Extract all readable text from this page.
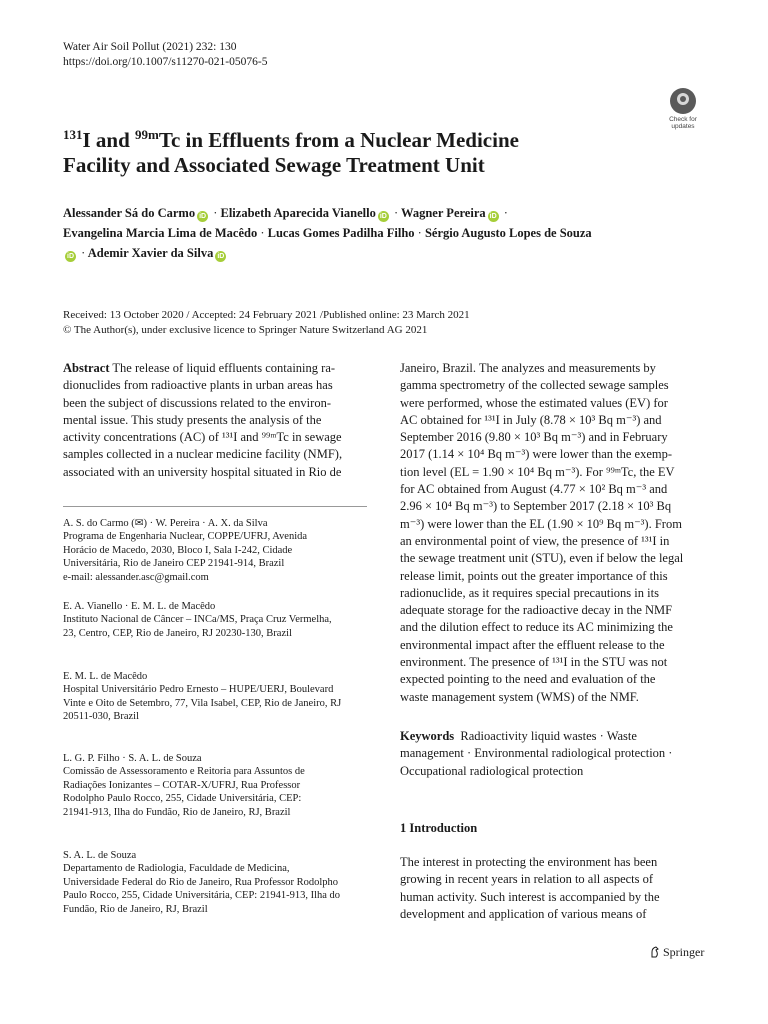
Water Air Soil Pollut (2021) 232: 130
https://doi.org/10.1007/s11270-021-05076-5
Check for
updates
$^{131}$I and $^{99m}$Tc in Effluents from a Nuclear Medicine
Facility and Associated Sewage Treatment Unit
Alessander Sá do Carmo iD · Elizabeth Aparecida Vianello iD · Wagner Pereira iD ·
Evangelina Marcia Lima de Macêdo · Lucas Gomes Padilha Filho · Sérgio Augusto Lopes de SouzaiD · Ademir Xavier da Silva iD
Received: 13 October 2020 / Accepted: 24 February 2021 /Published online: 23 March 2021
© The Author(s), under exclusive licence to Springer Nature Switzerland AG 2021
Abstract The release of liquid effluents containing ra-
dionuclides from radioactive plants in urban areas has
been the subject of discussions related to the environ-
mental issue. This study presents the analysis of the
activity concentrations (AC) of ¹³¹I and ⁹⁹ᵐTc in sewage
samples collected in a nuclear medicine facility (NMF),
associated with an university hospital situated in Rio de
A. S. do Carmo (✉) · W. Pereira · A. X. da Silva
Programa de Engenharia Nuclear, COPPE/UFRJ, Avenida
Horácio de Macedo, 2030, Bloco I, Sala I-242, Cidade
Universitária, Rio de Janeiro CEP 21941-914, Brazil
e-mail: alessander.asc@gmail.com
E. A. Vianello · E. M. L. de Macêdo
Instituto Nacional de Câncer – INCa/MS, Praça Cruz Vermelha,
23, Centro, CEP, Rio de Janeiro, RJ 20230-130, Brazil
E. M. L. de Macêdo
Hospital Universitário Pedro Ernesto – HUPE/UERJ, Boulevard
Vinte e Oito de Setembro, 77, Vila Isabel, CEP, Rio de Janeiro, RJ
20511-030, Brazil
L. G. P. Filho · S. A. L. de Souza
Comissão de Assessoramento e Reitoria para Assuntos de
Radiações Ionizantes – COTAR-X/UFRJ, Rua Professor
Rodolpho Paulo Rocco, 255, Cidade Universitária, CEP:
21941-913, Ilha do Fundão, Rio de Janeiro, RJ, Brazil
S. A. L. de Souza
Departamento de Radiologia, Faculdade de Medicina,
Universidade Federal do Rio de Janeiro, Rua Professor Rodolpho
Paulo Rocco, 255, Cidade Universitária, CEP: 21941-913, Ilha do
Fundão, Rio de Janeiro, RJ, Brazil
Janeiro, Brazil. The analyzes and measurements by
gamma spectrometry of the collected sewage samples
were performed, whose the estimated values (EV) for
AC obtained for ¹³¹I in July (8.78 × 10³ Bq m⁻³) and
September 2016 (9.80 × 10³ Bq m⁻³) and in February
2017 (1.14 × 10⁴ Bq m⁻³) were lower than the exemp-
tion level (EL = 1.90 × 10⁴ Bq m⁻³). For ⁹⁹ᵐTc, the EV
for AC obtained from August (4.77 × 10² Bq m⁻³ and
2.96 × 10⁴ Bq m⁻³) to September 2017 (2.18 × 10³ Bq
m⁻³) were lower than the EL (1.90 × 10⁹ Bq m⁻³). From
an environmental point of view, the presence of ¹³¹I in
the sewage treatment unit (STU), even if below the legal
release limit, points out the greater importance of this
radionuclide, as it requires special precautions in its
adequate storage for the radioactive decay in the NMF
and the dilution effect to reduce its AC minimizing the
environmental impact after the effluent release to the
environment. The presence of ¹³¹I in the STU was not
expected pointing to the need and evaluation of the
waste management system (WMS) of the NMF.
Keywords Radioactivity liquid wastes · Waste
management · Environmental radiological protection ·
Occupational radiological protection
1 Introduction
The interest in protecting the environment has been
growing in recent years in relation to all aspects of
human activity. Such interest is accompanied by the
development and application of various means of
Springer
